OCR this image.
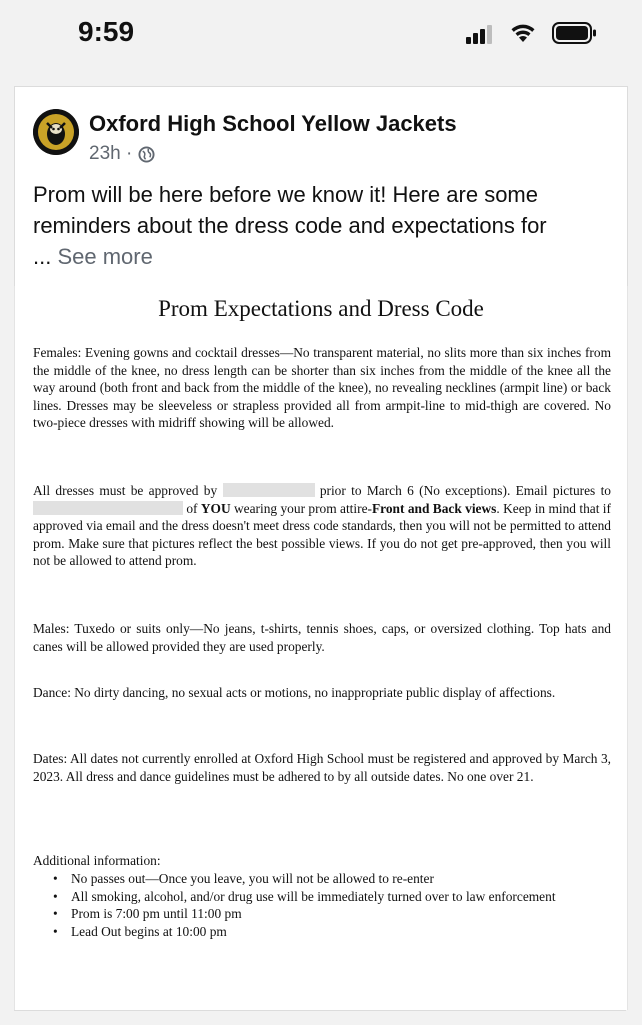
9:59
Oxford High School Yellow Jackets
23h ·
Prom will be here before we know it! Here are some reminders about the dress code and expectations for
... See more
Prom Expectations and Dress Code

Females: Evening gowns and cocktail dresses—No transparent material, no slits more than six inches from the middle of the knee, no dress length can be shorter than six inches from the middle of the knee all the way around (both front and back from the middle of the knee), no revealing necklines (armpit line) or back lines. Dresses may be sleeveless or strapless provided all from armpit-line to mid-thigh are covered. No two-piece dresses with midriff showing will be allowed.

All dresses must be approved by	prior to March 6 (No exceptions). Email pictures to  of YOU wearing your prom attire-Front and Back views. Keep in mind that if approved via email and the dress doesn't meet dress code standards, then you will not be permitted to attend prom. Make sure that pictures reflect the best possible views. If you do not get pre-approved, then you will not be allowed to attend prom.

Males: Tuxedo or suits only—No jeans, t-shirts, tennis shoes, caps, or oversized clothing. Top hats and canes will be allowed provided they are used properly.

Dance: No dirty dancing, no sexual acts or motions, no inappropriate public display of affections.

Dates: All dates not currently enrolled at Oxford High School must be registered and approved by March 3, 2023. All dress and dance guidelines must be adhered to by all outside dates. No one over 21.

Additional information:

• No passes out—Once you leave, you will not be allowed to re-enter
• All smoking, alcohol, and/or drug use will be immediately turned over to law enforcement
• Prom is 7:00 pm until 11:00 pm
• Lead Out begins at 10:00 pm
